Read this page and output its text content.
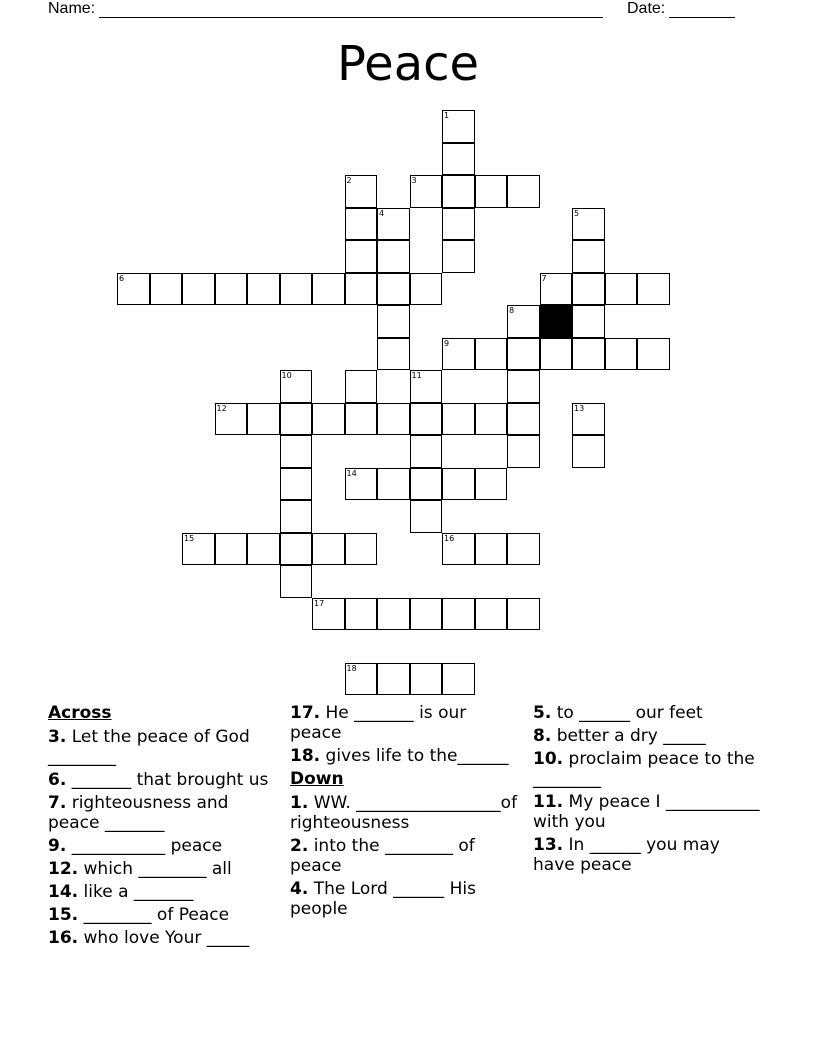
Name:	Date:
Peace
1
2	3
4	5
6	7
8
9
10	11
12	13
14
15	16
17
18
Across
3. Let the peace of God ________
6. _______ that brought us
7. righteousness and peace _______
9. ___________ peace
12. which ________ all
14. like a _______
15. ________ of Peace
16. who love Your _____
17. He _______ is our peace
18. gives life to the______
Down
1. WW. _________________of righteousness
2. into the ________ of peace
4. The Lord ______ His people
5. to ______ our feet
8. better a dry _____
10. proclaim peace to the ________
11. My peace I ___________ with you
13. In ______ you may have peace
